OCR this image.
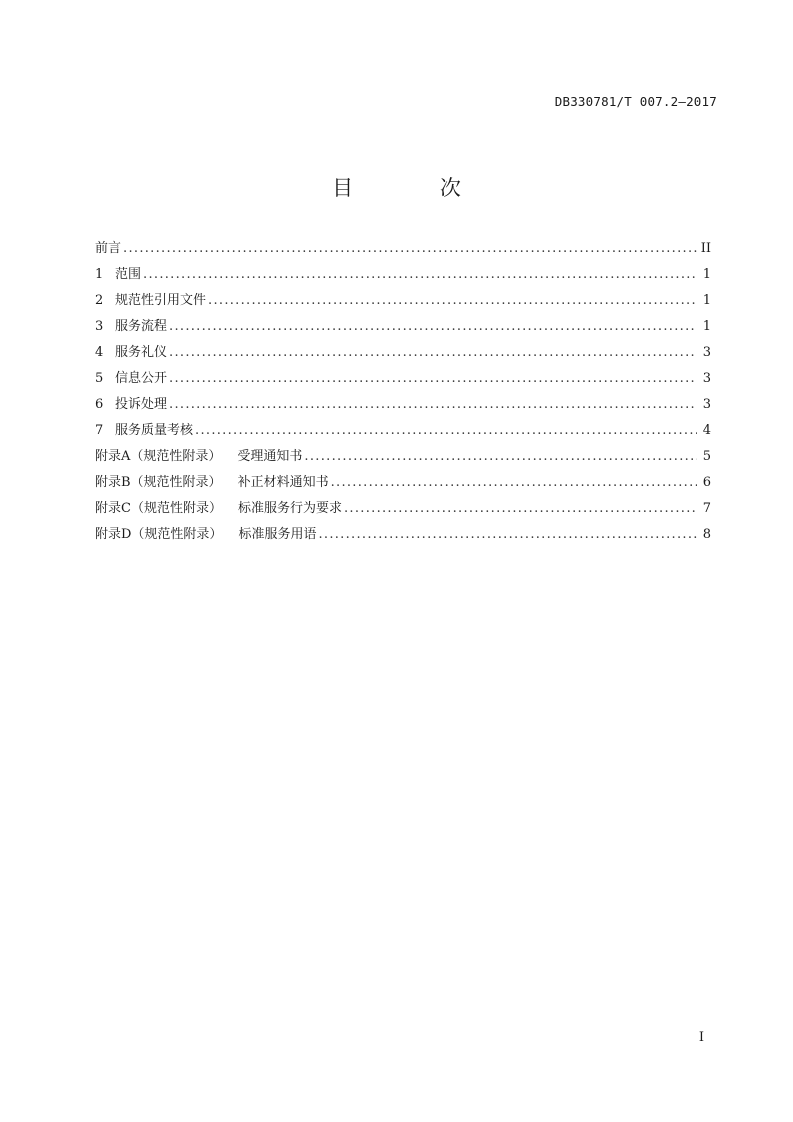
DB330781/T 007.2—2017
目 次
前言 .....	II
1 范围 .....	1
2 规范性引用文件 .....	1
3 服务流程 .....	1
4 服务礼仪 .....	3
5 信息公开 .....	3
6 投诉处理 .....	3
7 服务质量考核 .....	4
附录A（规范性附录） 受理通知书 .....	5
附录B（规范性附录） 补正材料通知书 .....	6
附录C（规范性附录） 标准服务行为要求 .....	7
附录D（规范性附录） 标准服务用语 .....	8
I
